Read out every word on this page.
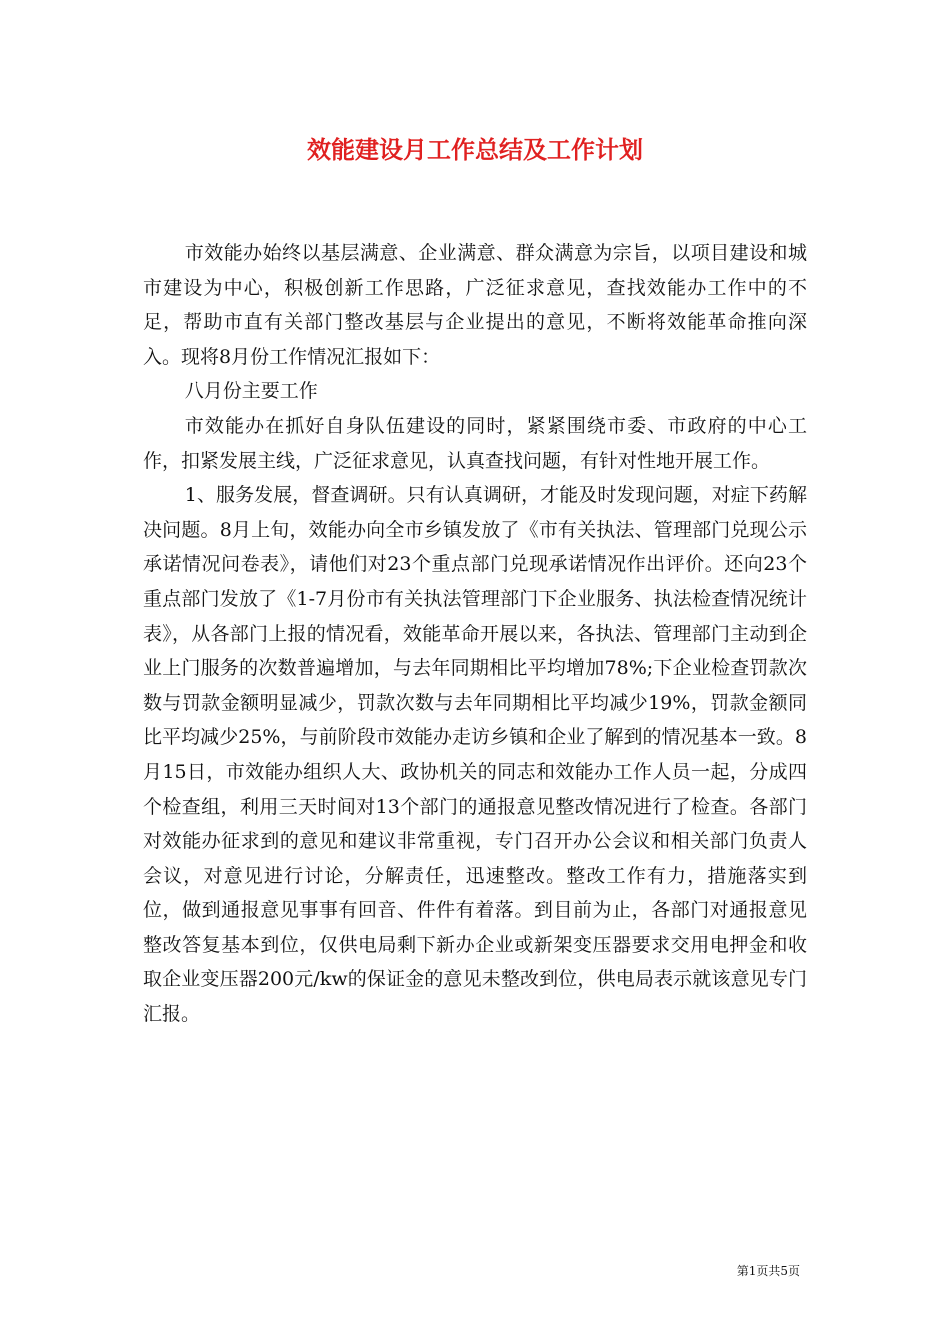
效能建设月工作总结及工作计划

市效能办始终以基层满意、企业满意、群众满意为宗旨，以项目建设和城市建设为中心，积极创新工作思路，广泛征求意见，查找效能办工作中的不足，帮助市直有关部门整改基层与企业提出的意见，不断将效能革命推向深入。现将8月份工作情况汇报如下：

八月份主要工作

市效能办在抓好自身队伍建设的同时，紧紧围绕市委、市政府的中心工作，扣紧发展主线，广泛征求意见，认真查找问题，有针对性地开展工作。

1、服务发展，督查调研。只有认真调研，才能及时发现问题，对症下药解决问题。8月上旬，效能办向全市乡镇发放了《市有关执法、管理部门兑现公示承诺情况问卷表》，请他们对23个重点部门兑现承诺情况作出评价。还向23个重点部门发放了《1-7月份市有关执法管理部门下企业服务、执法检查情况统计表》，从各部门上报的情况看，效能革命开展以来，各执法、管理部门主动到企业上门服务的次数普遍增加，与去年同期相比平均增加78%;下企业检查罚款次数与罚款金额明显减少，罚款次数与去年同期相比平均减少19%，罚款金额同比平均减少25%，与前阶段市效能办走访乡镇和企业了解到的情况基本一致。8月15日，市效能办组织人大、政协机关的同志和效能办工作人员一起，分成四个检查组，利用三天时间对13个部门的通报意见整改情况进行了检查。各部门对效能办征求到的意见和建议非常重视，专门召开办公会议和相关部门负责人会议，对意见进行讨论，分解责任，迅速整改。整改工作有力，措施落实到位，做到通报意见事事有回音、件件有着落。到目前为止，各部门对通报意见整改答复基本到位，仅供电局剩下新办企业或新架变压器要求交用电押金和收取企业变压器200元/kw的保证金的意见未整改到位，供电局表示就该意见专门汇报。

第1页共5页
